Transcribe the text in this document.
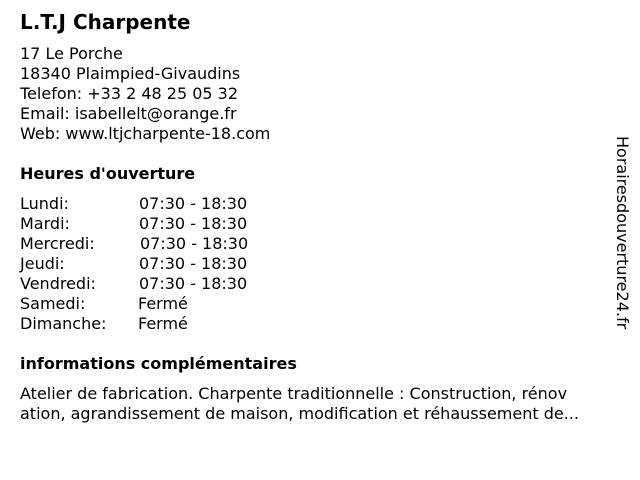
L.T.J Charpente
17 Le Porche
18340 Plaimpied-Givaudins
Telefon: +33 2 48 25 05 32
Email: isabellelt@orange.fr
Web: www.ltjcharpente-18.com
Heures d'ouverture
Lundi:	07:30 - 18:30
Mardi:	07:30 - 18:30
Mercredi:	07:30 - 18:30
Jeudi:	07:30 - 18:30
Vendredi:	07:30 - 18:30
Samedi:	Fermé
Dimanche: Fermé
informations complémentaires
Atelier de fabrication. Charpente traditionnelle : Construction, rénov
ation, agrandissement de maison, modification et réhaussement de...
Horairesdouverture24.fr
